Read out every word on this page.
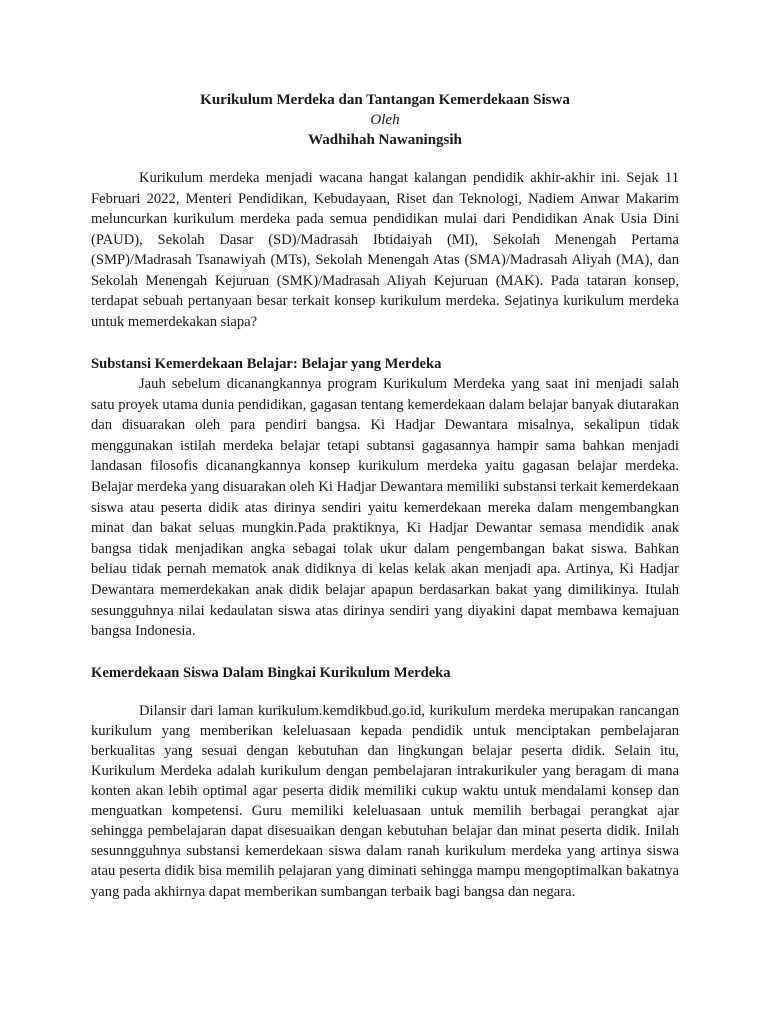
Kurikulum Merdeka dan Tantangan Kemerdekaan Siswa
Oleh
Wadhihah Nawaningsih

Kurikulum merdeka menjadi wacana hangat kalangan pendidik akhir-akhir ini. Sejak 11 Februari 2022, Menteri Pendidikan, Kebudayaan, Riset dan Teknologi, Nadiem Anwar Makarim meluncurkan kurikulum merdeka pada semua pendidikan mulai dari Pendidikan Anak Usia Dini (PAUD), Sekolah Dasar (SD)/Madrasah Ibtidaiyah (MI), Sekolah Menengah Pertama (SMP)/Madrasah Tsanawiyah (MTs), Sekolah Menengah Atas (SMA)/Madrasah Aliyah (MA), dan Sekolah Menengah Kejuruan (SMK)/Madrasah Aliyah Kejuruan (MAK). Pada tataran konsep, terdapat sebuah pertanyaan besar terkait konsep kurikulum merdeka. Sejatinya kurikulum merdeka untuk memerdekakan siapa?

Substansi Kemerdekaan Belajar: Belajar yang Merdeka

Jauh sebelum dicanangkannya program Kurikulum Merdeka yang saat ini menjadi salah satu proyek utama dunia pendidikan, gagasan tentang kemerdekaan dalam belajar banyak diutarakan dan disuarakan oleh para pendiri bangsa. Ki Hadjar Dewantara misalnya, sekalipun tidak menggunakan istilah merdeka belajar tetapi subtansi gagasannya hampir sama bahkan menjadi landasan filosofis dicanangkannya konsep kurikulum merdeka yaitu gagasan belajar merdeka. Belajar merdeka yang disuarakan oleh Ki Hadjar Dewantara memiliki substansi terkait kemerdekaan siswa atau peserta didik atas dirinya sendiri yaitu kemerdekaan mereka dalam mengembangkan minat dan bakat seluas mungkin.Pada praktiknya, Ki Hadjar Dewantar semasa mendidik anak bangsa tidak menjadikan angka sebagai tolak ukur dalam pengembangan bakat siswa. Bahkan beliau tidak pernah mematok anak didiknya di kelas kelak akan menjadi apa. Artinya, Ki Hadjar Dewantara memerdekakan anak didik belajar apapun berdasarkan bakat yang dimilikinya. Itulah sesungguhnya nilai kedaulatan siswa atas dirinya sendiri yang diyakini dapat membawa kemajuan bangsa Indonesia.

Kemerdekaan Siswa Dalam Bingkai Kurikulum Merdeka

Dilansir dari laman kurikulum.kemdikbud.go.id, kurikulum merdeka merupakan rancangan kurikulum yang memberikan keleluasaan kepada pendidik untuk menciptakan pembelajaran berkualitas yang sesuai dengan kebutuhan dan lingkungan belajar peserta didik. Selain itu, Kurikulum Merdeka adalah kurikulum dengan pembelajaran intrakurikuler yang beragam di mana konten akan lebih optimal agar peserta didik memiliki cukup waktu untuk mendalami konsep dan menguatkan kompetensi. Guru memiliki keleluasaan untuk memilih berbagai perangkat ajar sehingga pembelajaran dapat disesuaikan dengan kebutuhan belajar dan minat peserta didik. Inilah sesunngguhnya substansi kemerdekaan siswa dalam ranah kurikulum merdeka yang artinya siswa atau peserta didik bisa memilih pelajaran yang diminati sehingga mampu mengoptimalkan bakatnya yang pada akhirnya dapat memberikan sumbangan terbaik bagi bangsa dan negara.
